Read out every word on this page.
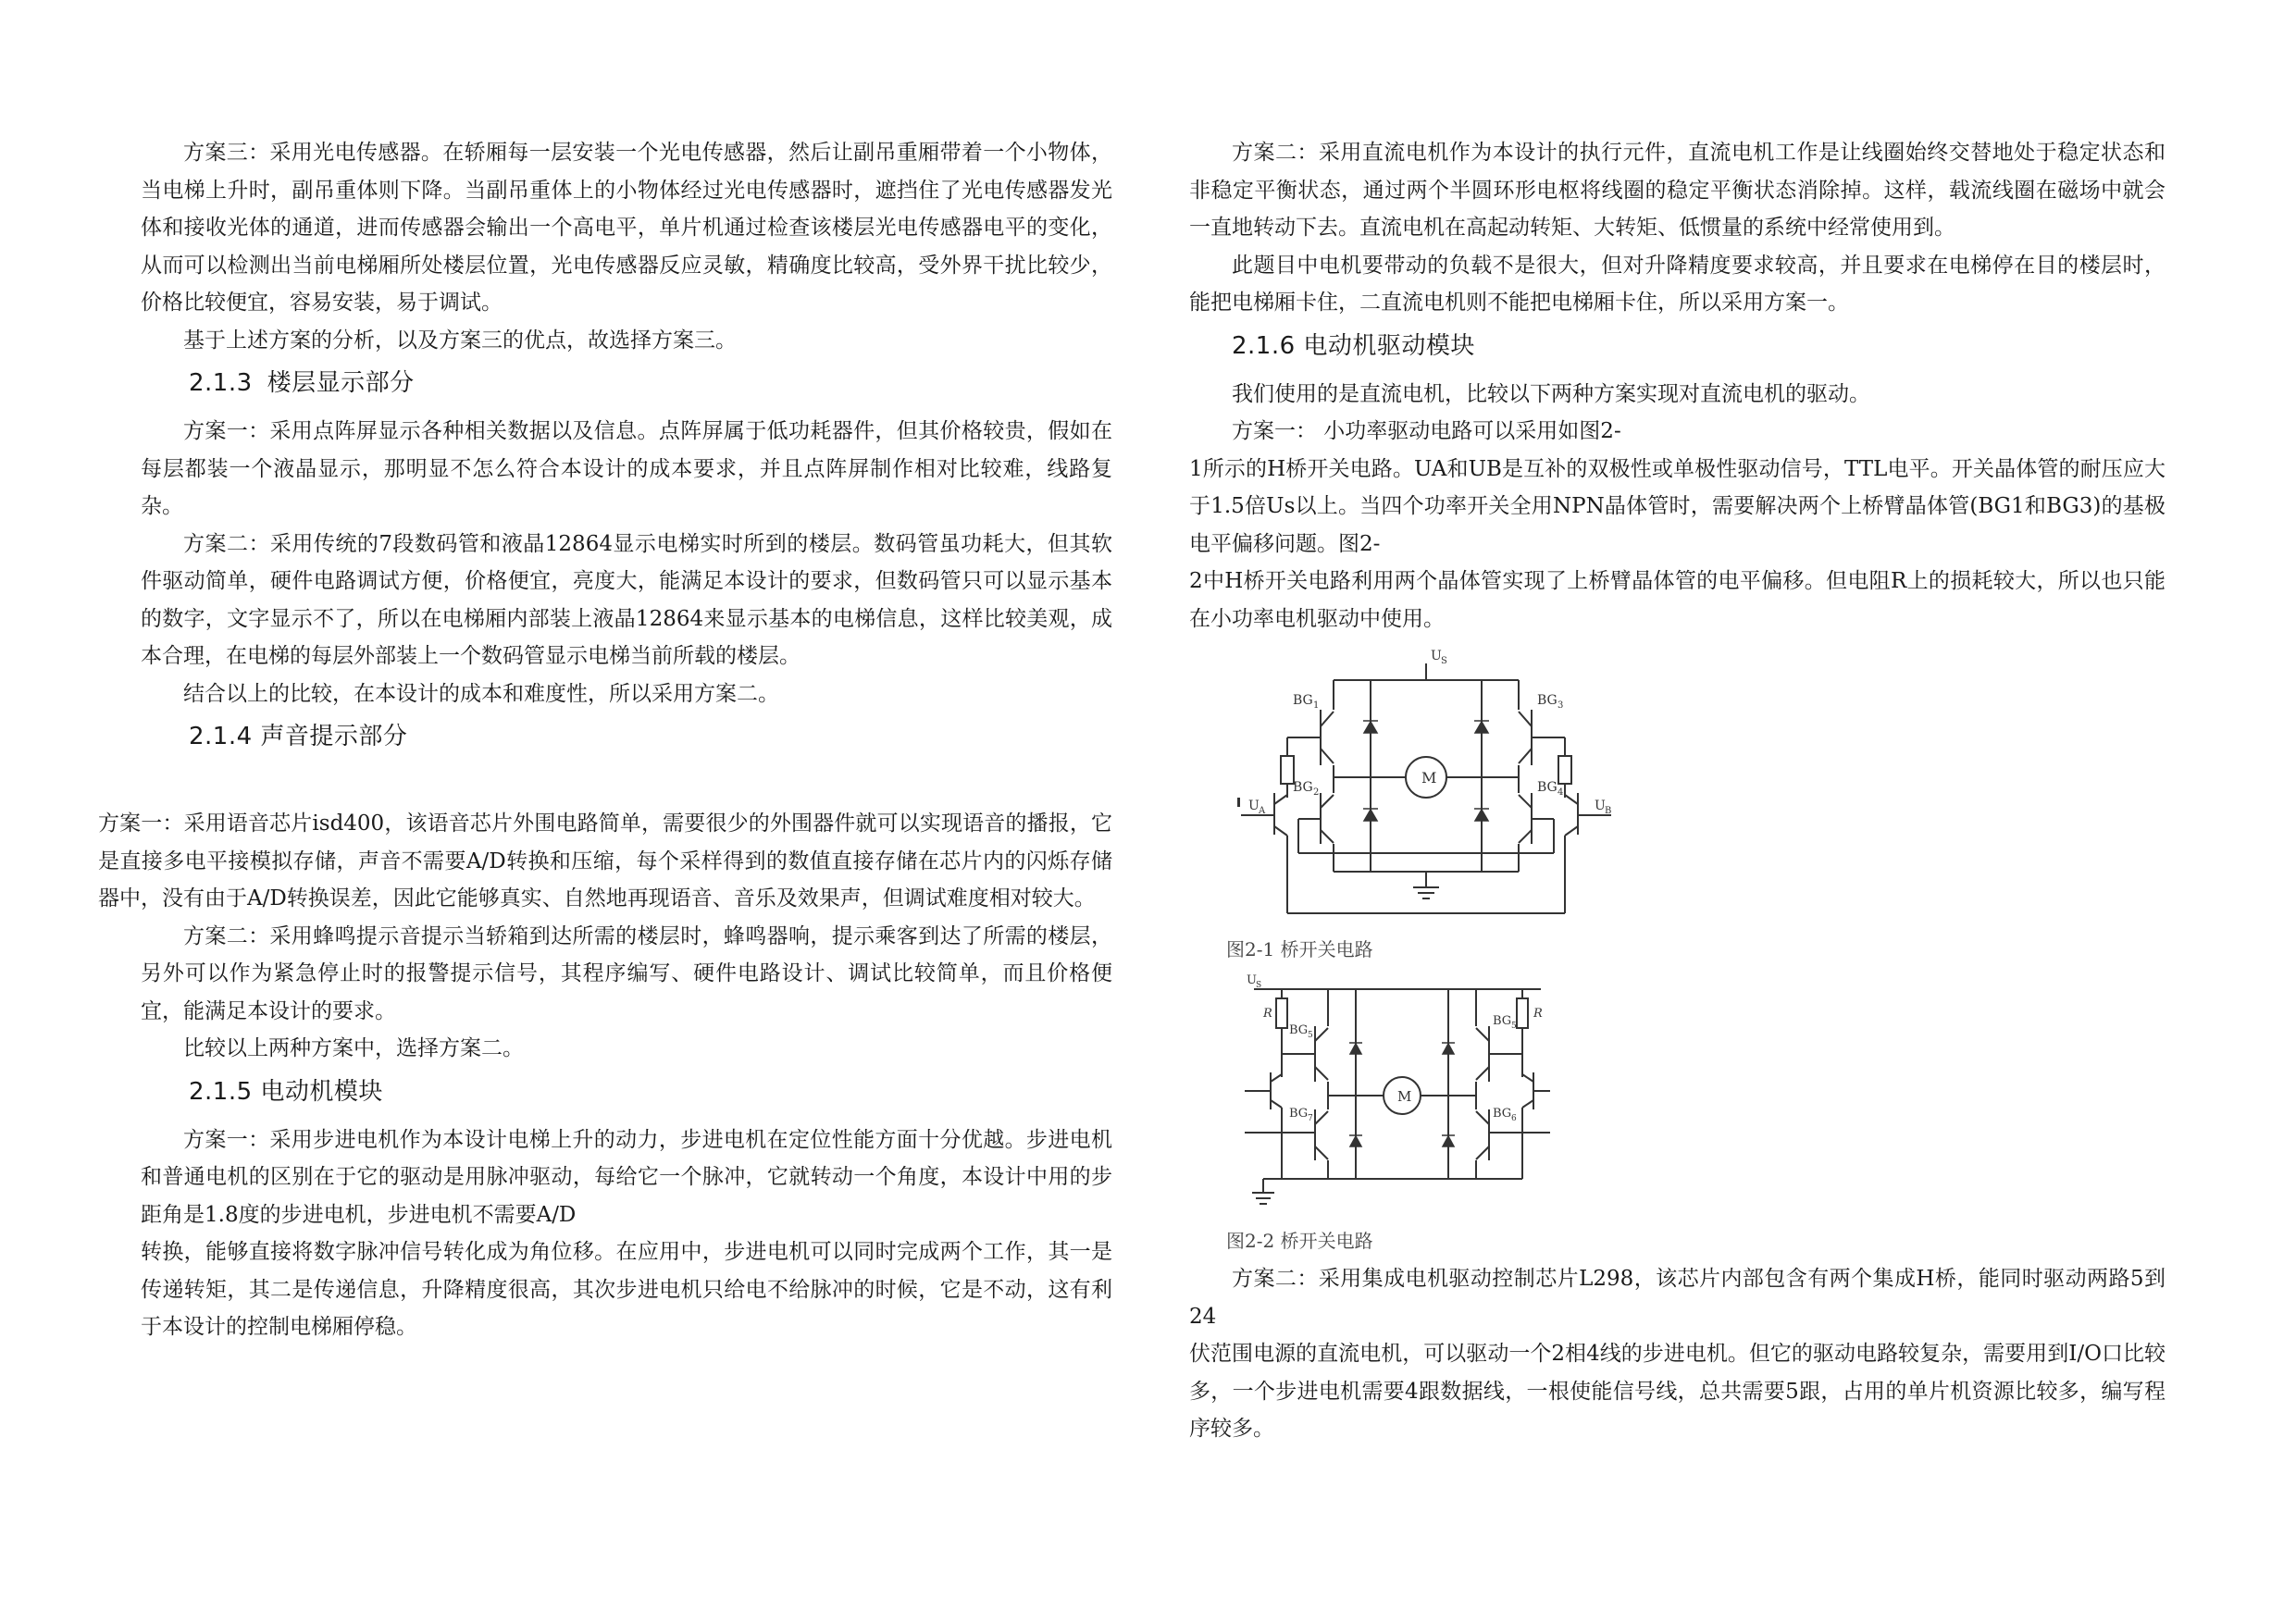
方案三：采用光电传感器。在轿厢每一层安装一个光电传感器，然后让副吊重厢带着一个小物体，当电梯上升时，副吊重体则下降。当副吊重体上的小物体经过光电传感器时，遮挡住了光电传感器发光体和接收光体的通道，进而传感器会输出一个高电平，单片机通过检查该楼层光电传感器电平的变化，从而可以检测出当前电梯厢所处楼层位置，光电传感器反应灵敏，精确度比较高，受外界干扰比较少，价格比较便宜，容易安装，易于调试。

基于上述方案的分析，以及方案三的优点，故选择方案三。

2.1.3 楼层显示部分

方案一：采用点阵屏显示各种相关数据以及信息。点阵屏属于低功耗器件，但其价格较贵，假如在每层都装一个液晶显示，那明显不怎么符合本设计的成本要求，并且点阵屏制作相对比较难，线路复杂。

方案二：采用传统的7段数码管和液晶12864显示电梯实时所到的楼层。数码管虽功耗大，但其软件驱动简单，硬件电路调试方便，价格便宜，亮度大，能满足本设计的要求，但数码管只可以显示基本的数字，文字显示不了，所以在电梯厢内部装上液晶12864来显示基本的电梯信息，这样比较美观，成本合理，在电梯的每层外部装上一个数码管显示电梯当前所载的楼层。

结合以上的比较，在本设计的成本和难度性，所以采用方案二。

2.1.4 声音提示部分

方案一：采用语音芯片isd400，该语音芯片外围电路简单，需要很少的外围器件就可以实现语音的播报，它是直接多电平接模拟存储，声音不需要A/D转换和压缩，每个采样得到的数值直接存储在芯片内的闪烁存储器中，没有由于A/D转换误差，因此它能够真实、自然地再现语音、音乐及效果声，但调试难度相对较大。

方案二：采用蜂鸣提示音提示当轿箱到达所需的楼层时，蜂鸣器响，提示乘客到达了所需的楼层，另外可以作为紧急停止时的报警提示信号，其程序编写、硬件电路设计、调试比较简单，而且价格便宜，能满足本设计的要求。

比较以上两种方案中，选择方案二。

2.1.5 电动机模块

方案一：采用步进电机作为本设计电梯上升的动力，步进电机在定位性能方面十分优越。步进电机和普通电机的区别在于它的驱动是用脉冲驱动，每给它一个脉冲，它就转动一个角度，本设计中用的步距角是1.8度的步进电机，步进电机不需要A/D

转换，能够直接将数字脉冲信号转化成为角位移。在应用中，步进电机可以同时完成两个工作，其一是传递转矩，其二是传递信息，升降精度很高，其次步进电机只给电不给脉冲的时候，它是不动，这有利于本设计的控制电梯厢停稳。

方案二：采用直流电机作为本设计的执行元件，直流电机工作是让线圈始终交替地处于稳定状态和非稳定平衡状态，通过两个半圆环形电枢将线圈的稳定平衡状态消除掉。这样，载流线圈在磁场中就会一直地转动下去。直流电机在高起动转矩、大转矩、低惯量的系统中经常使用到。

此题目中电机要带动的负载不是很大，但对升降精度要求较高，并且要求在电梯停在目的楼层时，能把电梯厢卡住，二直流电机则不能把电梯厢卡住，所以采用方案一。

2.1.6 电动机驱动模块

我们使用的是直流电机，比较以下两种方案实现对直流电机的驱动。

方案一： 小功率驱动电路可以采用如图2-

1所示的H桥开关电路。UA和UB是互补的双极性或单极性驱动信号，TTL电平。开关晶体管的耐压应大于1.5倍Us以上。当四个功率开关全用NPN晶体管时，需要解决两个上桥臂晶体管(BG1和BG3)的基极电平偏移问题。图2-

2中H桥开关电路利用两个晶体管实现了上桥臂晶体管的电平偏移。但电阻R上的损耗较大，所以也只能在小功率电机驱动中使用。

M
U S
U A	U B
BG 1
BG 2
BG 3
BG 4
图2-1 桥开关电路
M
U S
R	R
BG 5
BG 7
BG 5
BG 6
图2-2 桥开关电路

方案二：采用集成电机驱动控制芯片L298，该芯片内部包含有两个集成H桥，能同时驱动两路5到24

伏范围电源的直流电机，可以驱动一个2相4线的步进电机。但它的驱动电路较复杂，需要用到I/O口比较多，一个步进电机需要4跟数据线，一根使能信号线，总共需要5跟，占用的单片机资源比较多，编写程序较多。
